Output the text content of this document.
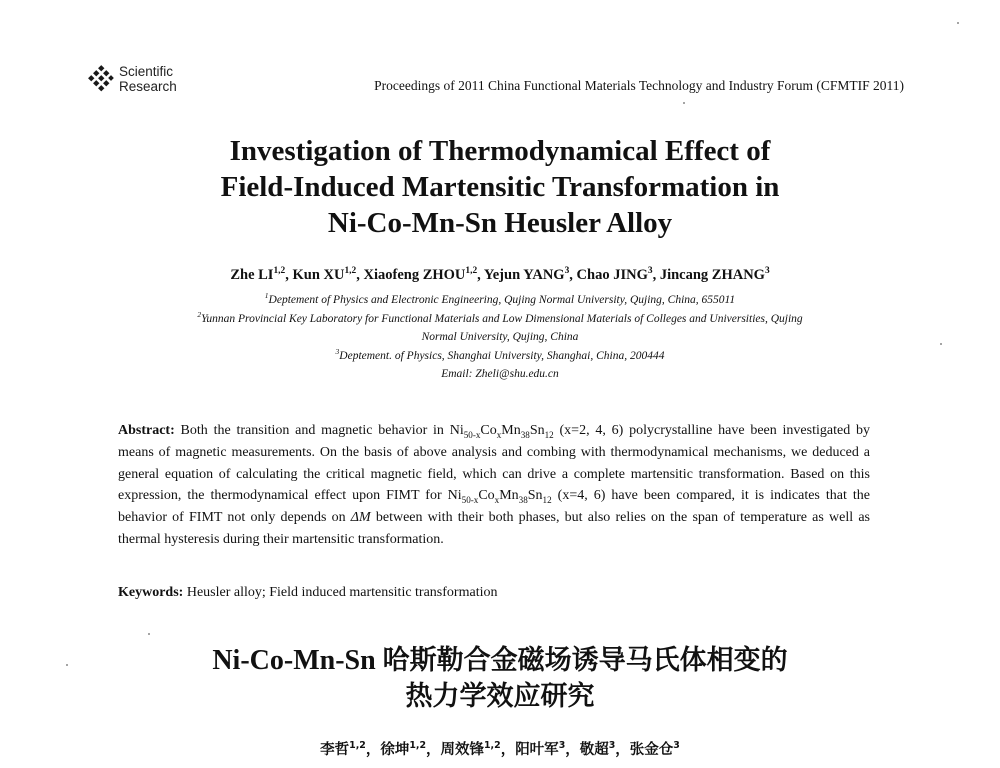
Scientific
Research	Proceedings of 2011 China Functional Materials Technology and Industry Forum (CFMTIF 2011)
Investigation of Thermodynamical Effect of
Field-Induced Martensitic Transformation in
Ni-Co-Mn-Sn Heusler Alloy
Zhe LI$^{1,2}$, Kun XU$^{1,2}$, Xiaofeng ZHOU$^{1,2}$, Yejun YANG$^3$, Chao JING$^3$, Jincang ZHANG$^3$
$^1$Deptement of Physics and Electronic Engineering, Qujing Normal University, Qujing, China, 655011
$^2$Yunnan Provincial Key Laboratory for Functional Materials and Low Dimensional Materials of Colleges and Universities, Qujing
Normal University, Qujing, China
$^3$Deptement. of Physics, Shanghai University, Shanghai, China, 200444
Email: Zheli@shu.edu.cn

Abstract: Both the transition and magnetic behavior in $Ni_{50-x}Co_xMn_{38}Sn_{12}$ (x=2, 4, 6) polycrystalline have been investigated by means of magnetic measurements. On the basis of above analysis and combing with thermodynamical mechanisms, we deduced a general equation of calculating the critical magnetic field, which can drive a complete martensitic transformation. Based on this expression, the thermodynamical effect upon FIMT for $Ni_{50-x}Co_xMn_{38}Sn_{12}$ (x=4, 6) have been compared, it is indicates that the behavior of FIMT not only depends on ΔM between with their both phases, but also relies on the span of temperature as well as thermal hysteresis during their martensitic transformation.

Keywords: Heusler alloy; Field induced martensitic transformation

Ni-Co-Mn-Sn 哈斯勒合金磁场诱导马氏体相变的
热力学效应研究
李哲$^{1,2}$，徐坤$^{1,2}$，周效锋$^{1,2}$，阳叶军$^3$，敬超$^3$，张金仓$^3$
